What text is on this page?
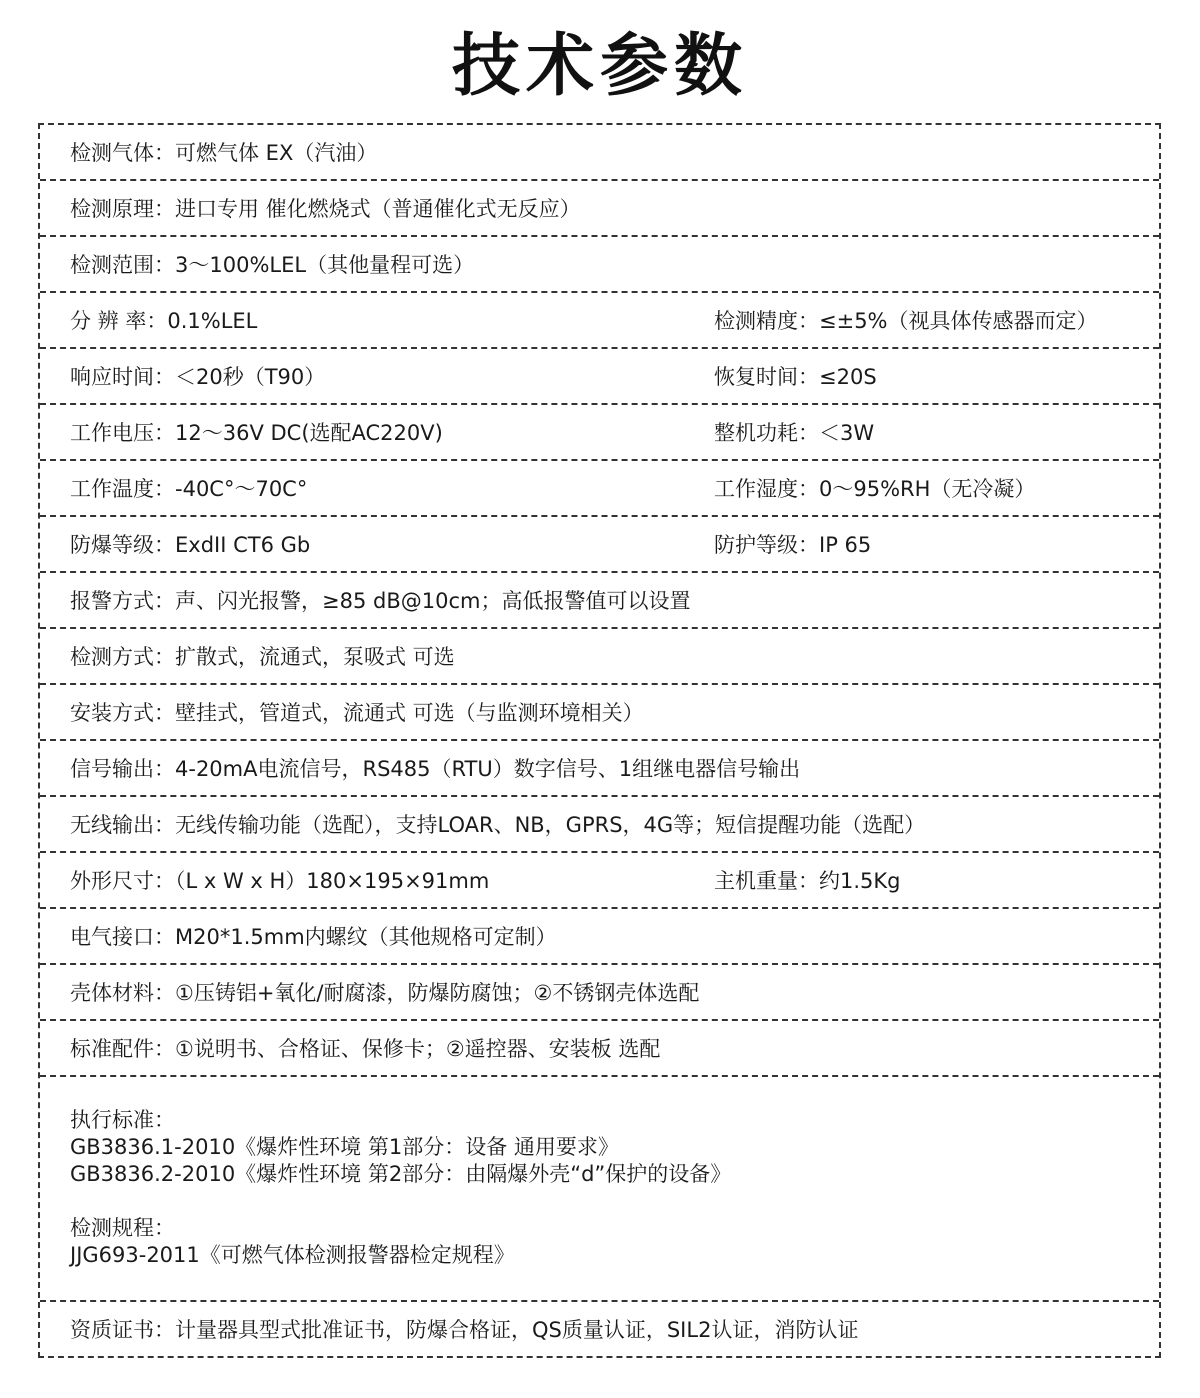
技术参数
检测气体：可燃气体 EX（汽油）
检测原理：进口专用 催化燃烧式（普通催化式无反应）
检测范围：3～100%LEL（其他量程可选）
分 辨 率：0.1%LEL	检测精度：≤±5%（视具体传感器而定）
响应时间：＜20秒（T90）	恢复时间：≤20S
工作电压：12～36V DC(选配AC220V)	整机功耗：＜3W
工作温度：-40C°～70C°	工作湿度：0～95%RH（无冷凝）
防爆等级：ExdII CT6 Gb	防护等级：IP 65
报警方式：声、闪光报警，≥85 dB@10cm；高低报警值可以设置
检测方式：扩散式，流通式，泵吸式 可选
安装方式：壁挂式，管道式，流通式 可选（与监测环境相关）
信号输出：4-20mA电流信号，RS485（RTU）数字信号、1组继电器信号输出
无线输出：无线传输功能（选配），支持LOAR、NB，GPRS，4G等；短信提醒功能（选配）
外形尺寸：（L x W x H）180×195×91mm	主机重量：约1.5Kg
电气接口：M20*1.5mm内螺纹（其他规格可定制）
壳体材料：①压铸铝+氧化/耐腐漆，防爆防腐蚀；②不锈钢壳体选配
标准配件：①说明书、合格证、保修卡；②遥控器、安装板 选配
执行标准：
GB3836.1-2010《爆炸性环境 第1部分：设备 通用要求》
GB3836.2-2010《爆炸性环境 第2部分：由隔爆外壳“d”保护的设备》
检测规程：
JJG693-2011《可燃气体检测报警器检定规程》
资质证书：计量器具型式批准证书，防爆合格证，QS质量认证，SIL2认证，消防认证
